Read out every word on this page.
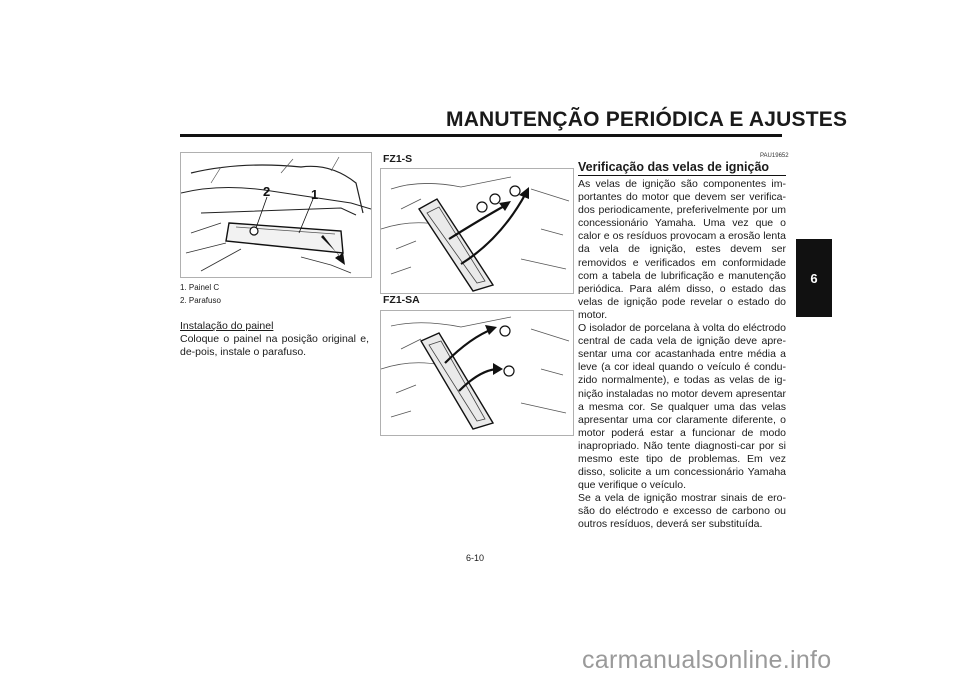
MANUTENÇÃO PERIÓDICA E AJUSTES
6
2	1
1. Painel C
2. Parafuso
Instalação do painel
Coloque o painel na posição original e, de-pois, instale o parafuso.
FZ1-S
FZ1-SA
PAU19652
Verificação das velas de ignição
As velas de ignição são componentes im-portantes do motor que devem ser verifica-dos periodicamente, preferivelmente por um concessionário Yamaha. Uma vez que o calor e os resíduos provocam a erosão lenta da vela de ignição, estes devem ser removidos e verificados em conformidade com a tabela de lubrificação e manutenção periódica. Para além disso, o estado das velas de ignição pode revelar o estado do motor.
O isolador de porcelana à volta do eléctrodo central de cada vela de ignição deve apre-sentar uma cor acastanhada entre média a leve (a cor ideal quando o veículo é condu-zido normalmente), e todas as velas de ig-nição instaladas no motor devem apresentar a mesma cor. Se qualquer uma das velas apresentar uma cor claramente diferente, o motor poderá estar a funcionar de modo inapropriado. Não tente diagnosti-car por si mesmo este tipo de problemas. Em vez disso, solicite a um concessionário Yamaha que verifique o veículo.
Se a vela de ignição mostrar sinais de ero-são do eléctrodo e excesso de carbono ou outros resíduos, deverá ser substituída.
6-10
carmanualsonline.info
